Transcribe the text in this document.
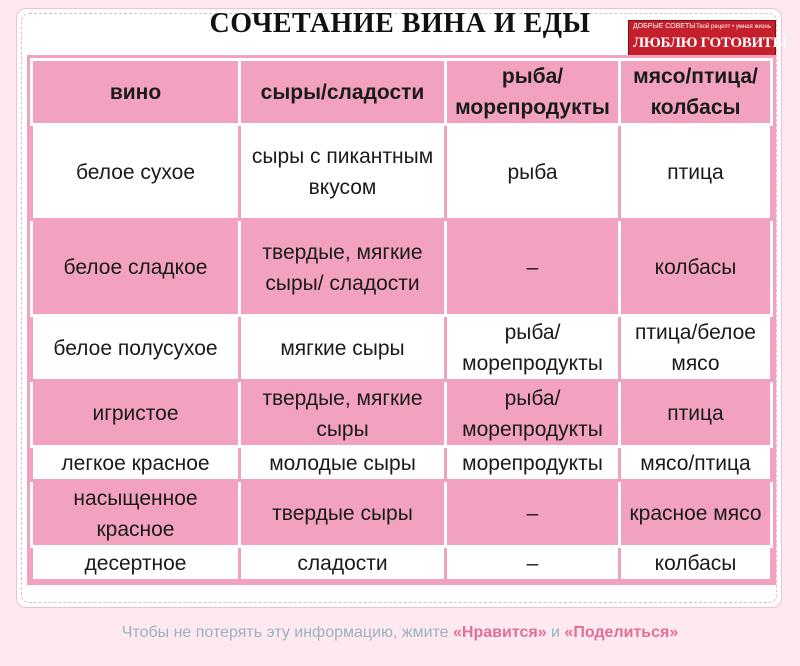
СОЧЕТАНИЕ ВИНА И ЕДЫ	ДОБРЫЕ СОВЕТЫ Твой рецепт • умная жизнь
ЛЮБЛЮ ГОТОВИТЬ!
вино	сыры/сладости	рыба/ морепродукты	мясо/птица/ колбасы
белое сухое	сыры с пикантным вкусом	рыба	птица
белое сладкое	твердые, мягкие сыры/ сладости	–	колбасы
белое полусухое	мягкие сыры	рыба/ морепродукты	птица/белое мясо
игристое	твердые, мягкие сыры	рыба/ морепродукты	птица
легкое красное	молодые сыры	морепродукты	мясо/птица
насыщенное красное	твердые сыры	–	красное мясо
десертное	сладости	–	колбасы
Чтобы не потерять эту информацию, жмите «Нравится» и «Поделиться»
